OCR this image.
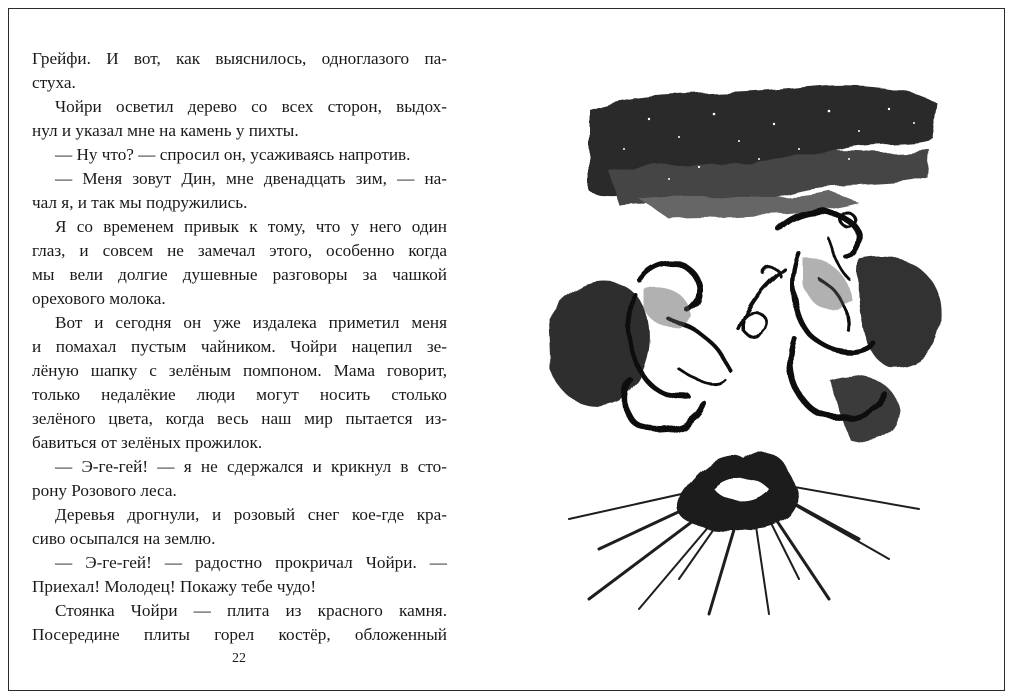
Грейфи. И вот, как выяснилось, одноглазого па-
стуха.
Чойри осветил дерево со всех сторон, выдох-
нул и указал мне на камень у пихты.
— Ну что? — спросил он, усаживаясь напротив.
— Меня зовут Дин, мне двенадцать зим, — на-
чал я, и так мы подружились.
Я со временем привык к тому, что у него один
глаз, и совсем не замечал этого, особенно когда
мы вели долгие душевные разговоры за чашкой
орехового молока.
Вот и сегодня он уже издалека приметил меня
и помахал пустым чайником. Чойри нацепил зе-
лёную шапку с зелёным помпоном. Мама говорит,
только недалёкие люди могут носить столько
зелёного цвета, когда весь наш мир пытается из-
бавиться от зелёных прожилок.
— Э-ге-гей! — я не сдержался и крикнул в сто-
рону Розового леса.
Деревья дрогнули, и розовый снег кое-где кра-
сиво осыпался на землю.
— Э-ге-гей! — радостно прокричал Чойри. —
Приехал! Молодец! Покажу тебе чудо!
Стоянка Чойри — плита из красного камня.
Посередине плиты горел костёр, обложенный
22
